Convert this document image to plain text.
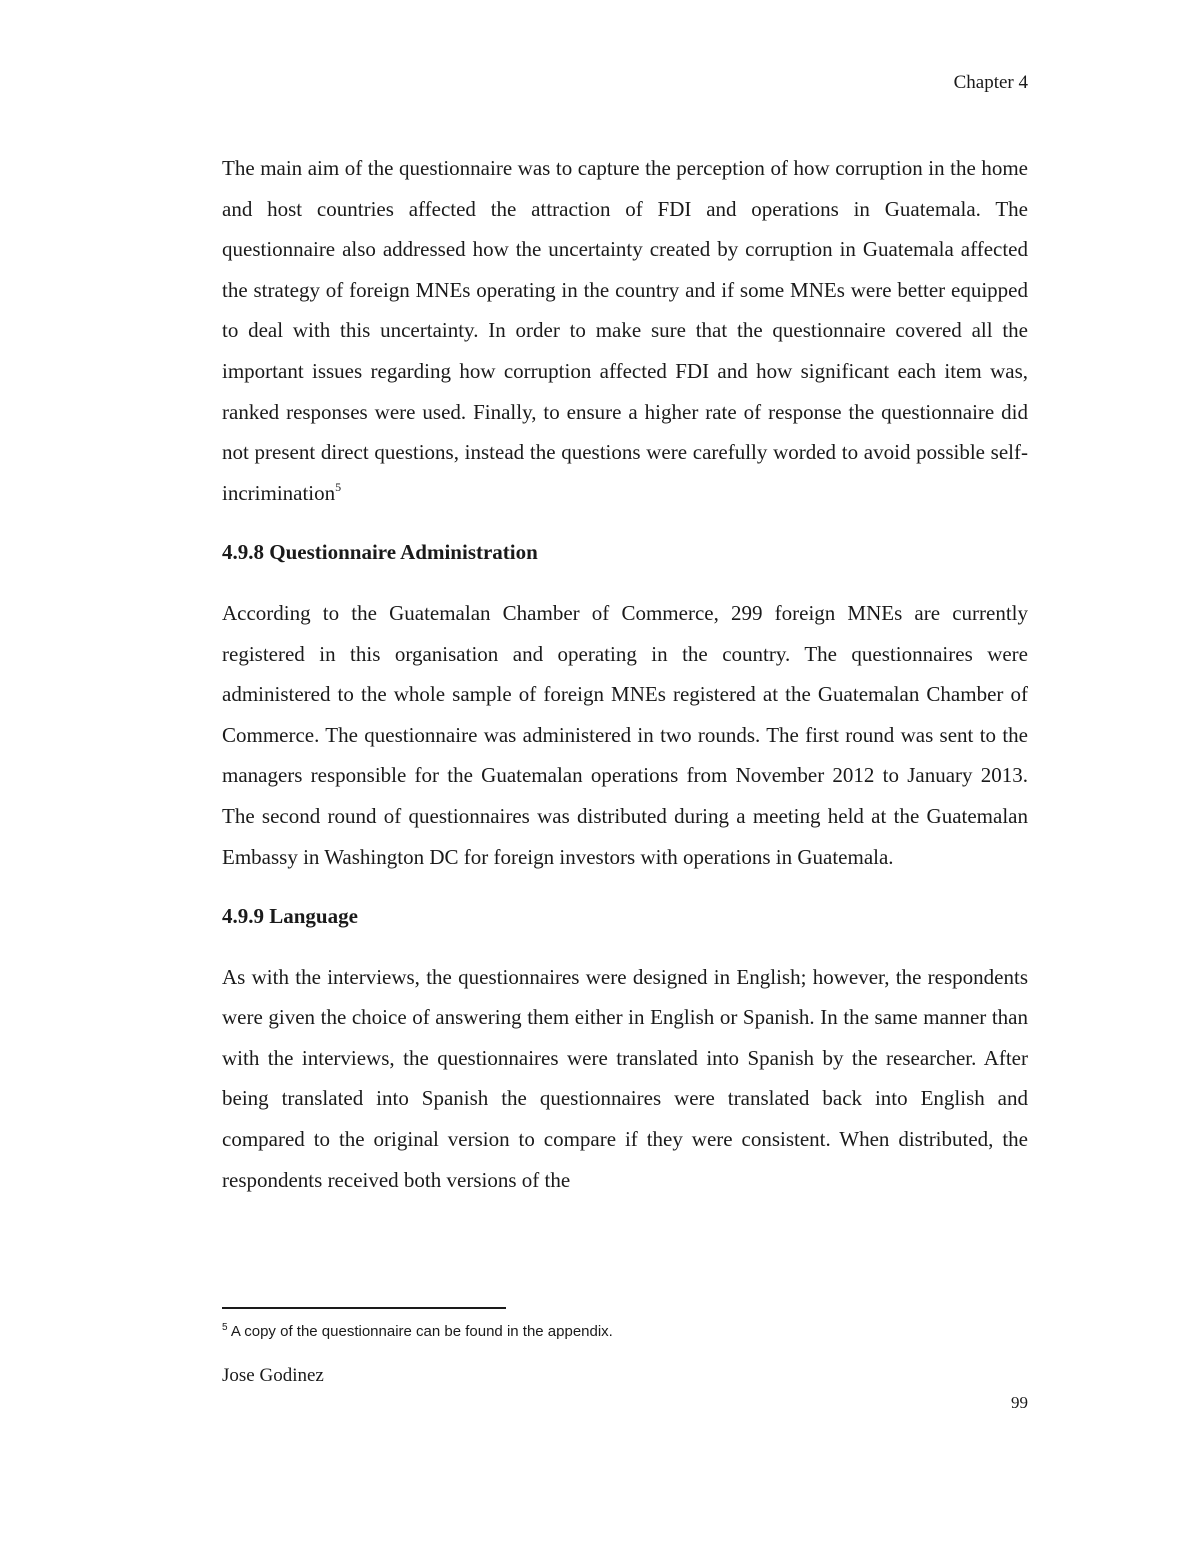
Chapter 4

The main aim of the questionnaire was to capture the perception of how corruption in the home and host countries affected the attraction of FDI and operations in Guatemala. The questionnaire also addressed how the uncertainty created by corruption in Guatemala affected the strategy of foreign MNEs operating in the country and if some MNEs were better equipped to deal with this uncertainty. In order to make sure that the questionnaire covered all the important issues regarding how corruption affected FDI and how significant each item was, ranked responses were used. Finally, to ensure a higher rate of response the questionnaire did not present direct questions, instead the questions were carefully worded to avoid possible self-incrimination$^5$

4.9.8 Questionnaire Administration

According to the Guatemalan Chamber of Commerce, 299 foreign MNEs are currently registered in this organisation and operating in the country. The questionnaires were administered to the whole sample of foreign MNEs registered at the Guatemalan Chamber of Commerce. The questionnaire was administered in two rounds. The first round was sent to the managers responsible for the Guatemalan operations from November 2012 to January 2013. The second round of questionnaires was distributed during a meeting held at the Guatemalan Embassy in Washington DC for foreign investors with operations in Guatemala.

4.9.9 Language

As with the interviews, the questionnaires were designed in English; however, the respondents were given the choice of answering them either in English or Spanish. In the same manner than with the interviews, the questionnaires were translated into Spanish by the researcher. After being translated into Spanish the questionnaires were translated back into English and compared to the original version to compare if they were consistent. When distributed, the respondents received both versions of the

$^5$ A copy of the questionnaire can be found in the appendix.
Jose Godinez
99
